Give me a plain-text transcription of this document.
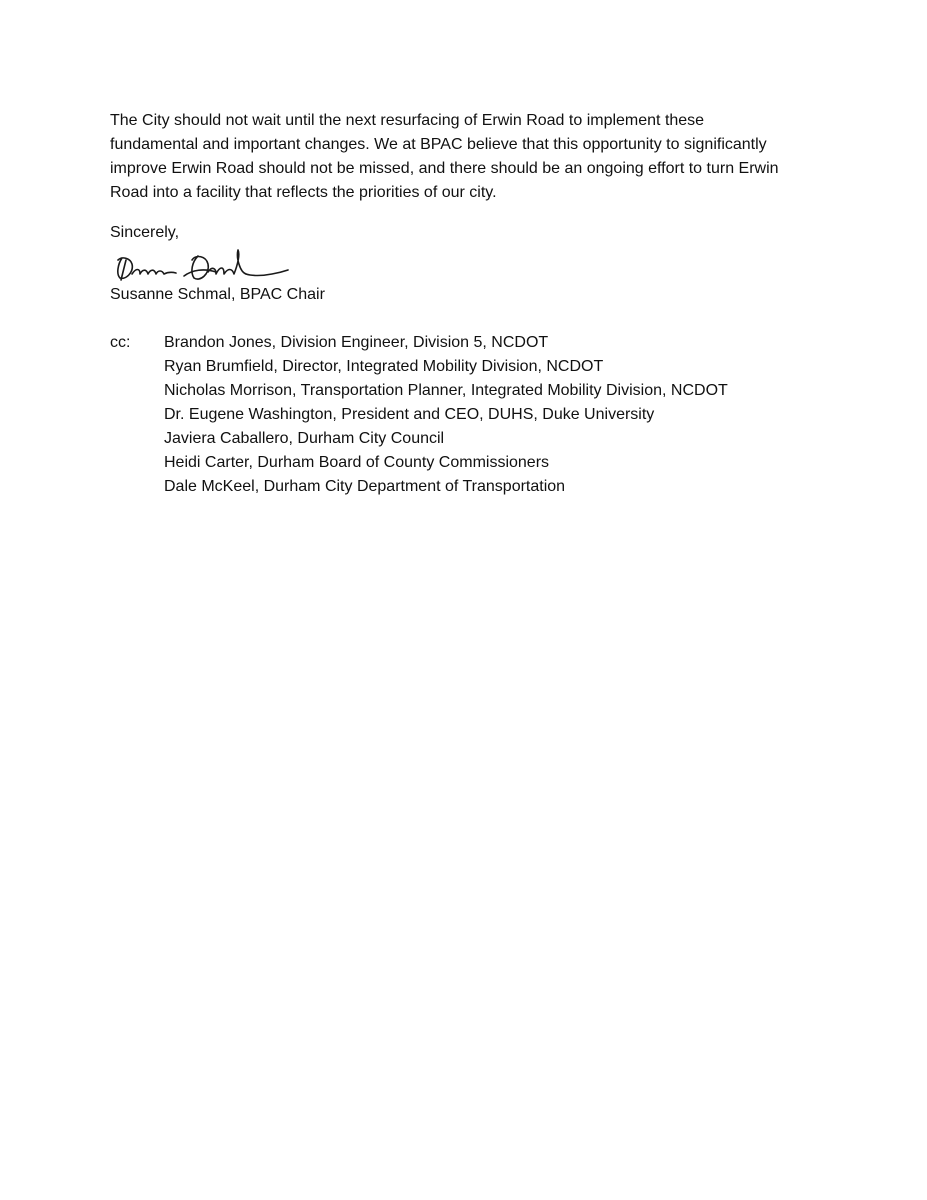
The City should not wait until the next resurfacing of Erwin Road to implement these
fundamental and important changes. We at BPAC believe that this opportunity to significantly
improve Erwin Road should not be missed, and there should be an ongoing effort to turn Erwin
Road into a facility that reflects the priorities of our city.
Sincerely,
Susanne Schmal, BPAC Chair
cc: Brandon Jones, Division Engineer, Division 5, NCDOT
Ryan Brumfield, Director, Integrated Mobility Division, NCDOT
Nicholas Morrison, Transportation Planner, Integrated Mobility Division, NCDOT
Dr. Eugene Washington, President and CEO, DUHS, Duke University
Javiera Caballero, Durham City Council
Heidi Carter, Durham Board of County Commissioners
Dale McKeel, Durham City Department of Transportation
